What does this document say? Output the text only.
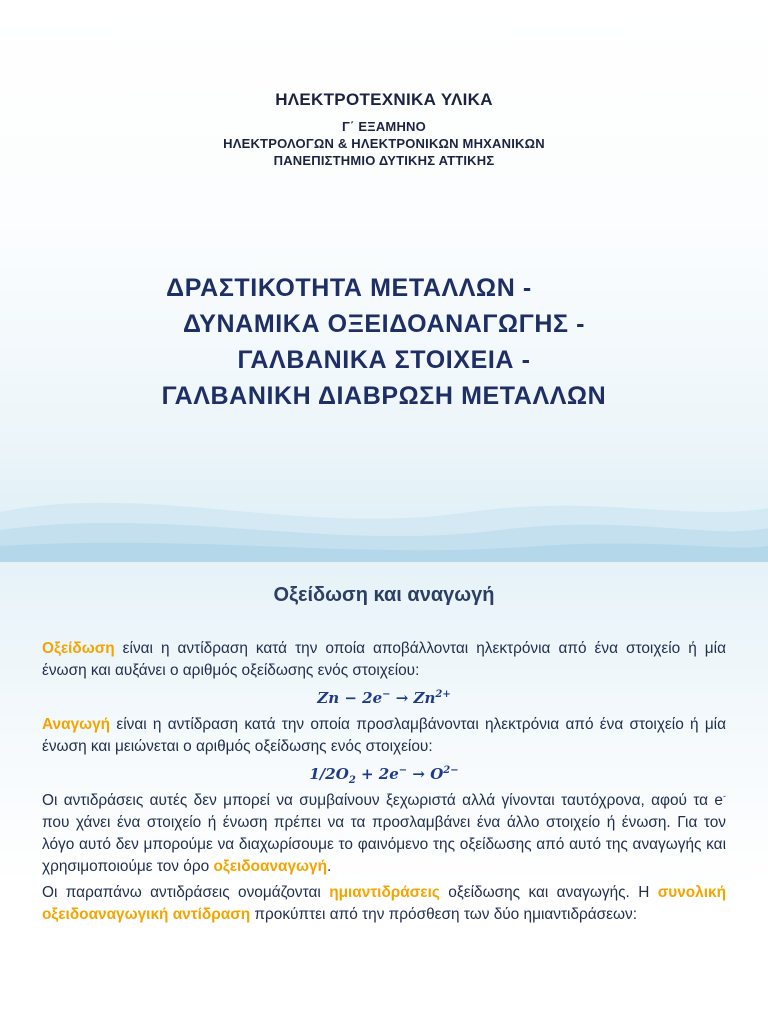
ΗΛΕΚΤΡΟΤΕΧΝΙΚΑ ΥΛΙΚΑ
Γ΄ ΕΞΑΜΗΝΟ
ΗΛΕΚΤΡΟΛΟΓΩΝ & ΗΛΕΚΤΡΟΝΙΚΩΝ ΜΗΧΑΝΙΚΩΝ
ΠΑΝΕΠΙΣΤΗΜΙΟ ΔΥΤΙΚΗΣ ΑΤΤΙΚΗΣ
ΔΡΑΣΤΙΚΟΤΗΤΑ ΜΕΤΑΛΛΩΝ -
ΔΥΝΑΜΙΚΑ ΟΞΕΙΔΟΑΝΑΓΩΓΗΣ -
ΓΑΛΒΑΝΙΚΑ ΣΤΟΙΧΕΙΑ -
ΓΑΛΒΑΝΙΚΗ ΔΙΑΒΡΩΣΗ ΜΕΤΑΛΛΩΝ
Οξείδωση και αναγωγή

Οξείδωση είναι η αντίδραση κατά την οποία αποβάλλονται ηλεκτρόνια από ένα στοιχείο ή μία ένωση και αυξάνει ο αριθμός οξείδωσης ενός στοιχείου:

$Zn - 2e^- \to Zn^{2+}$

Αναγωγή είναι η αντίδραση κατά την οποία προσλαμβάνονται ηλεκτρόνια από ένα στοιχείο ή μία ένωση και μειώνεται ο αριθμός οξείδωσης ενός στοιχείου:

$1/2O_2 + 2e^- \to O^{2-}$

Οι αντιδράσεις αυτές δεν μπορεί να συμβαίνουν ξεχωριστά αλλά γίνονται ταυτόχρονα, αφού τα e- που χάνει ένα στοιχείο ή ένωση πρέπει να τα προσλαμβάνει ένα άλλο στοιχείο ή ένωση. Για τον λόγο αυτό δεν μπορούμε να διαχωρίσουμε το φαινόμενο της οξείδωσης από αυτό της αναγωγής και χρησιμοποιούμε τον όρο οξειδοαναγωγή.

Οι παραπάνω αντιδράσεις ονομάζονται ημιαντιδράσεις οξείδωσης και αναγωγής. Η συνολική οξειδοαναγωγική αντίδραση προκύπτει από την πρόσθεση των δύο ημιαντιδράσεων:
